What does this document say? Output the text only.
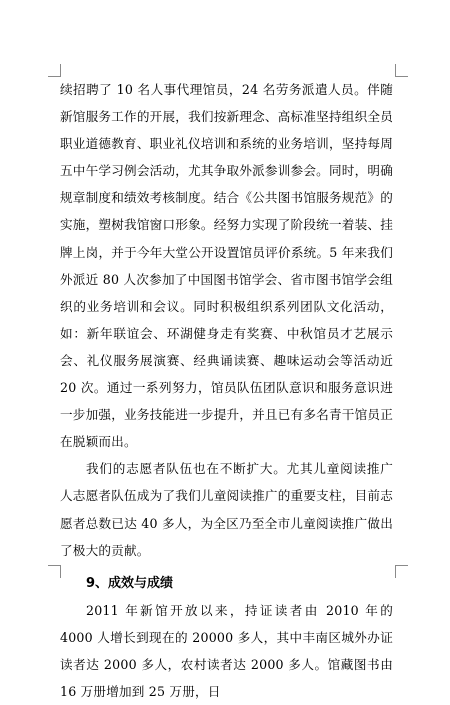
续招聘了 10 名人事代理馆员，24 名劳务派遣人员。伴随新馆服务工作的开展，我们按新理念、高标准坚持组织全员职业道德教育、职业礼仪培训和系统的业务培训，坚持每周五中午学习例会活动，尤其争取外派参训参会。同时，明确规章制度和绩效考核制度。结合《公共图书馆服务规范》的实施，塑树我馆窗口形象。经努力实现了阶段统一着装、挂牌上岗，并于今年大堂公开设置馆员评价系统。5 年来我们外派近 80 人次参加了中国图书馆学会、省市图书馆学会组织的业务培训和会议。同时积极组织系列团队文化活动，如：新年联谊会、环湖健身走有奖赛、中秋馆员才艺展示会、礼仪服务展演赛、经典诵读赛、趣味运动会等活动近 20 次。通过一系列努力，馆员队伍团队意识和服务意识进一步加强，业务技能进一步提升，并且已有多名青干馆员正在脱颖而出。

我们的志愿者队伍也在不断扩大。尤其儿童阅读推广人志愿者队伍成为了我们儿童阅读推广的重要支柱，目前志愿者总数已达 40 多人，为全区乃至全市儿童阅读推广做出了极大的贡献。

9、成效与成绩

2011 年新馆开放以来，持证读者由 2010 年的 4000 人增长到现在的 20000 多人，其中丰南区城外办证读者达 2000 多人，农村读者达 2000 多人。馆藏图书由 16 万册增加到 25 万册，日
